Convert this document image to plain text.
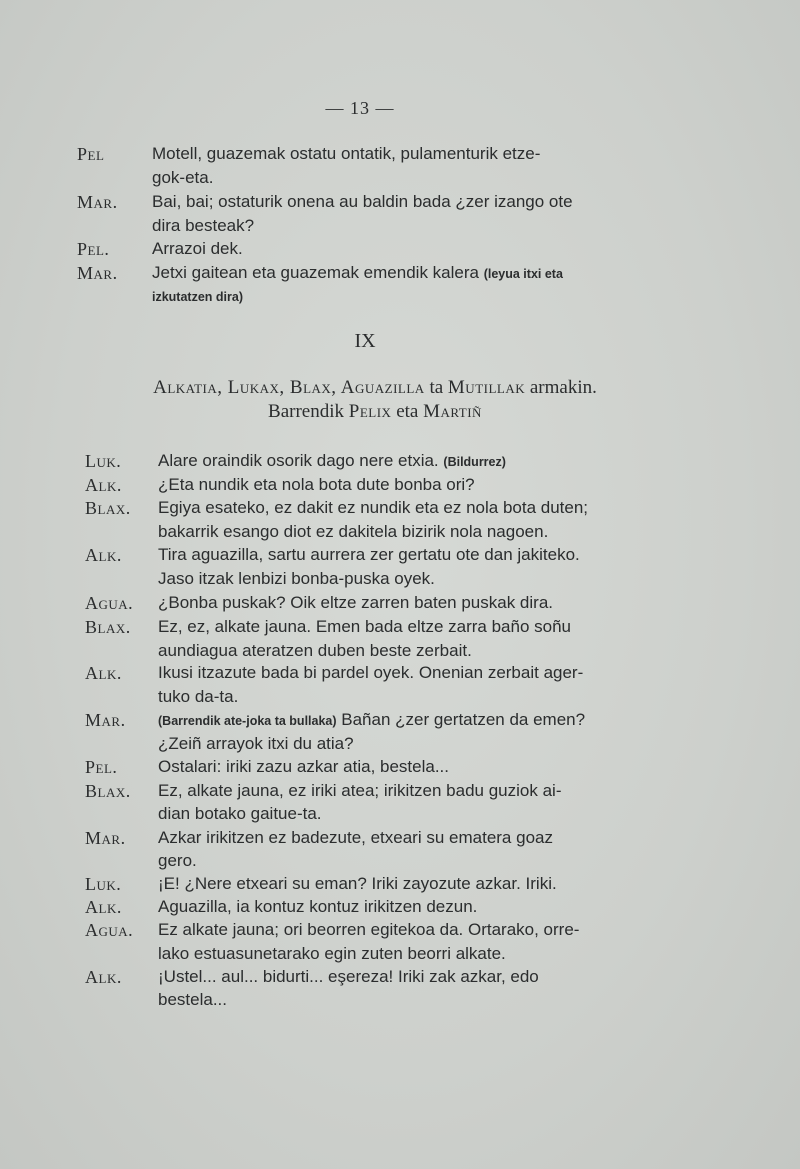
— 13 —
Pel	Motell, guazemak ostatu ontatik, pulamenturik etze-
gok-eta.
Mar. Bai, bai; ostaturik onena au baldin bada ¿zer izango ote
dira besteak?
Pel.	Arrazoi dek.
Mar. Jetxi gaitean eta guazemak emendik kalera (leyua itxi eta
izkutatzen dira)
IX
Alkatia, Lukax, Blax, Aguazilla ta Mutillak armakin.
Barrendik Pelix eta Martiñ
Luk. Alare oraindik osorik dago nere etxia. (Bildurrez)
Alk. ¿Eta nundik eta nola bota dute bonba ori?
Blax. Egiya esateko, ez dakit ez nundik eta ez nola bota duten;
bakarrik esango diot ez dakitela bizirik nola nagoen.
Alk. Tira aguazilla, sartu aurrera zer gertatu ote dan jakiteko.
Jaso itzak lenbizi bonba-puska oyek.
Agua. ¿Bonba puskak? Oik eltze zarren baten puskak dira.
Blax. Ez, ez, alkate jauna. Emen bada eltze zarra baño soñu
aundiagua ateratzen duben beste zerbait.
Alk. Ikusi itzazute bada bi pardel oyek. Onenian zerbait ager-
tuko da-ta.
Mar.	(Barrendik ate-joka ta bullaka) Bañan ¿zer gertatzen da emen?
¿Zeiñ arrayok itxi du atia?
Pel. Ostalari: iriki zazu azkar atia, bestela...
Blax. Ez, alkate jauna, ez iriki atea; irikitzen badu guziok ai-
dian botako gaitue-ta.
Mar. Azkar irikitzen ez badezute, etxeari su ematera goaz
gero.
Luk. ¡E! ¿Nere etxeari su eman? Iriki zayozute azkar. Iriki.
Alk. Aguazilla, ia kontuz kontuz irikitzen dezun.
Agua. Ez alkate jauna; ori beorren egitekoa da. Ortarako, orre-
lako estuasunetarako egin zuten beorri alkate.
Alk. ¡Ustel... aul... bidurti... eşereza! Iriki zak azkar, edo
bestela...
